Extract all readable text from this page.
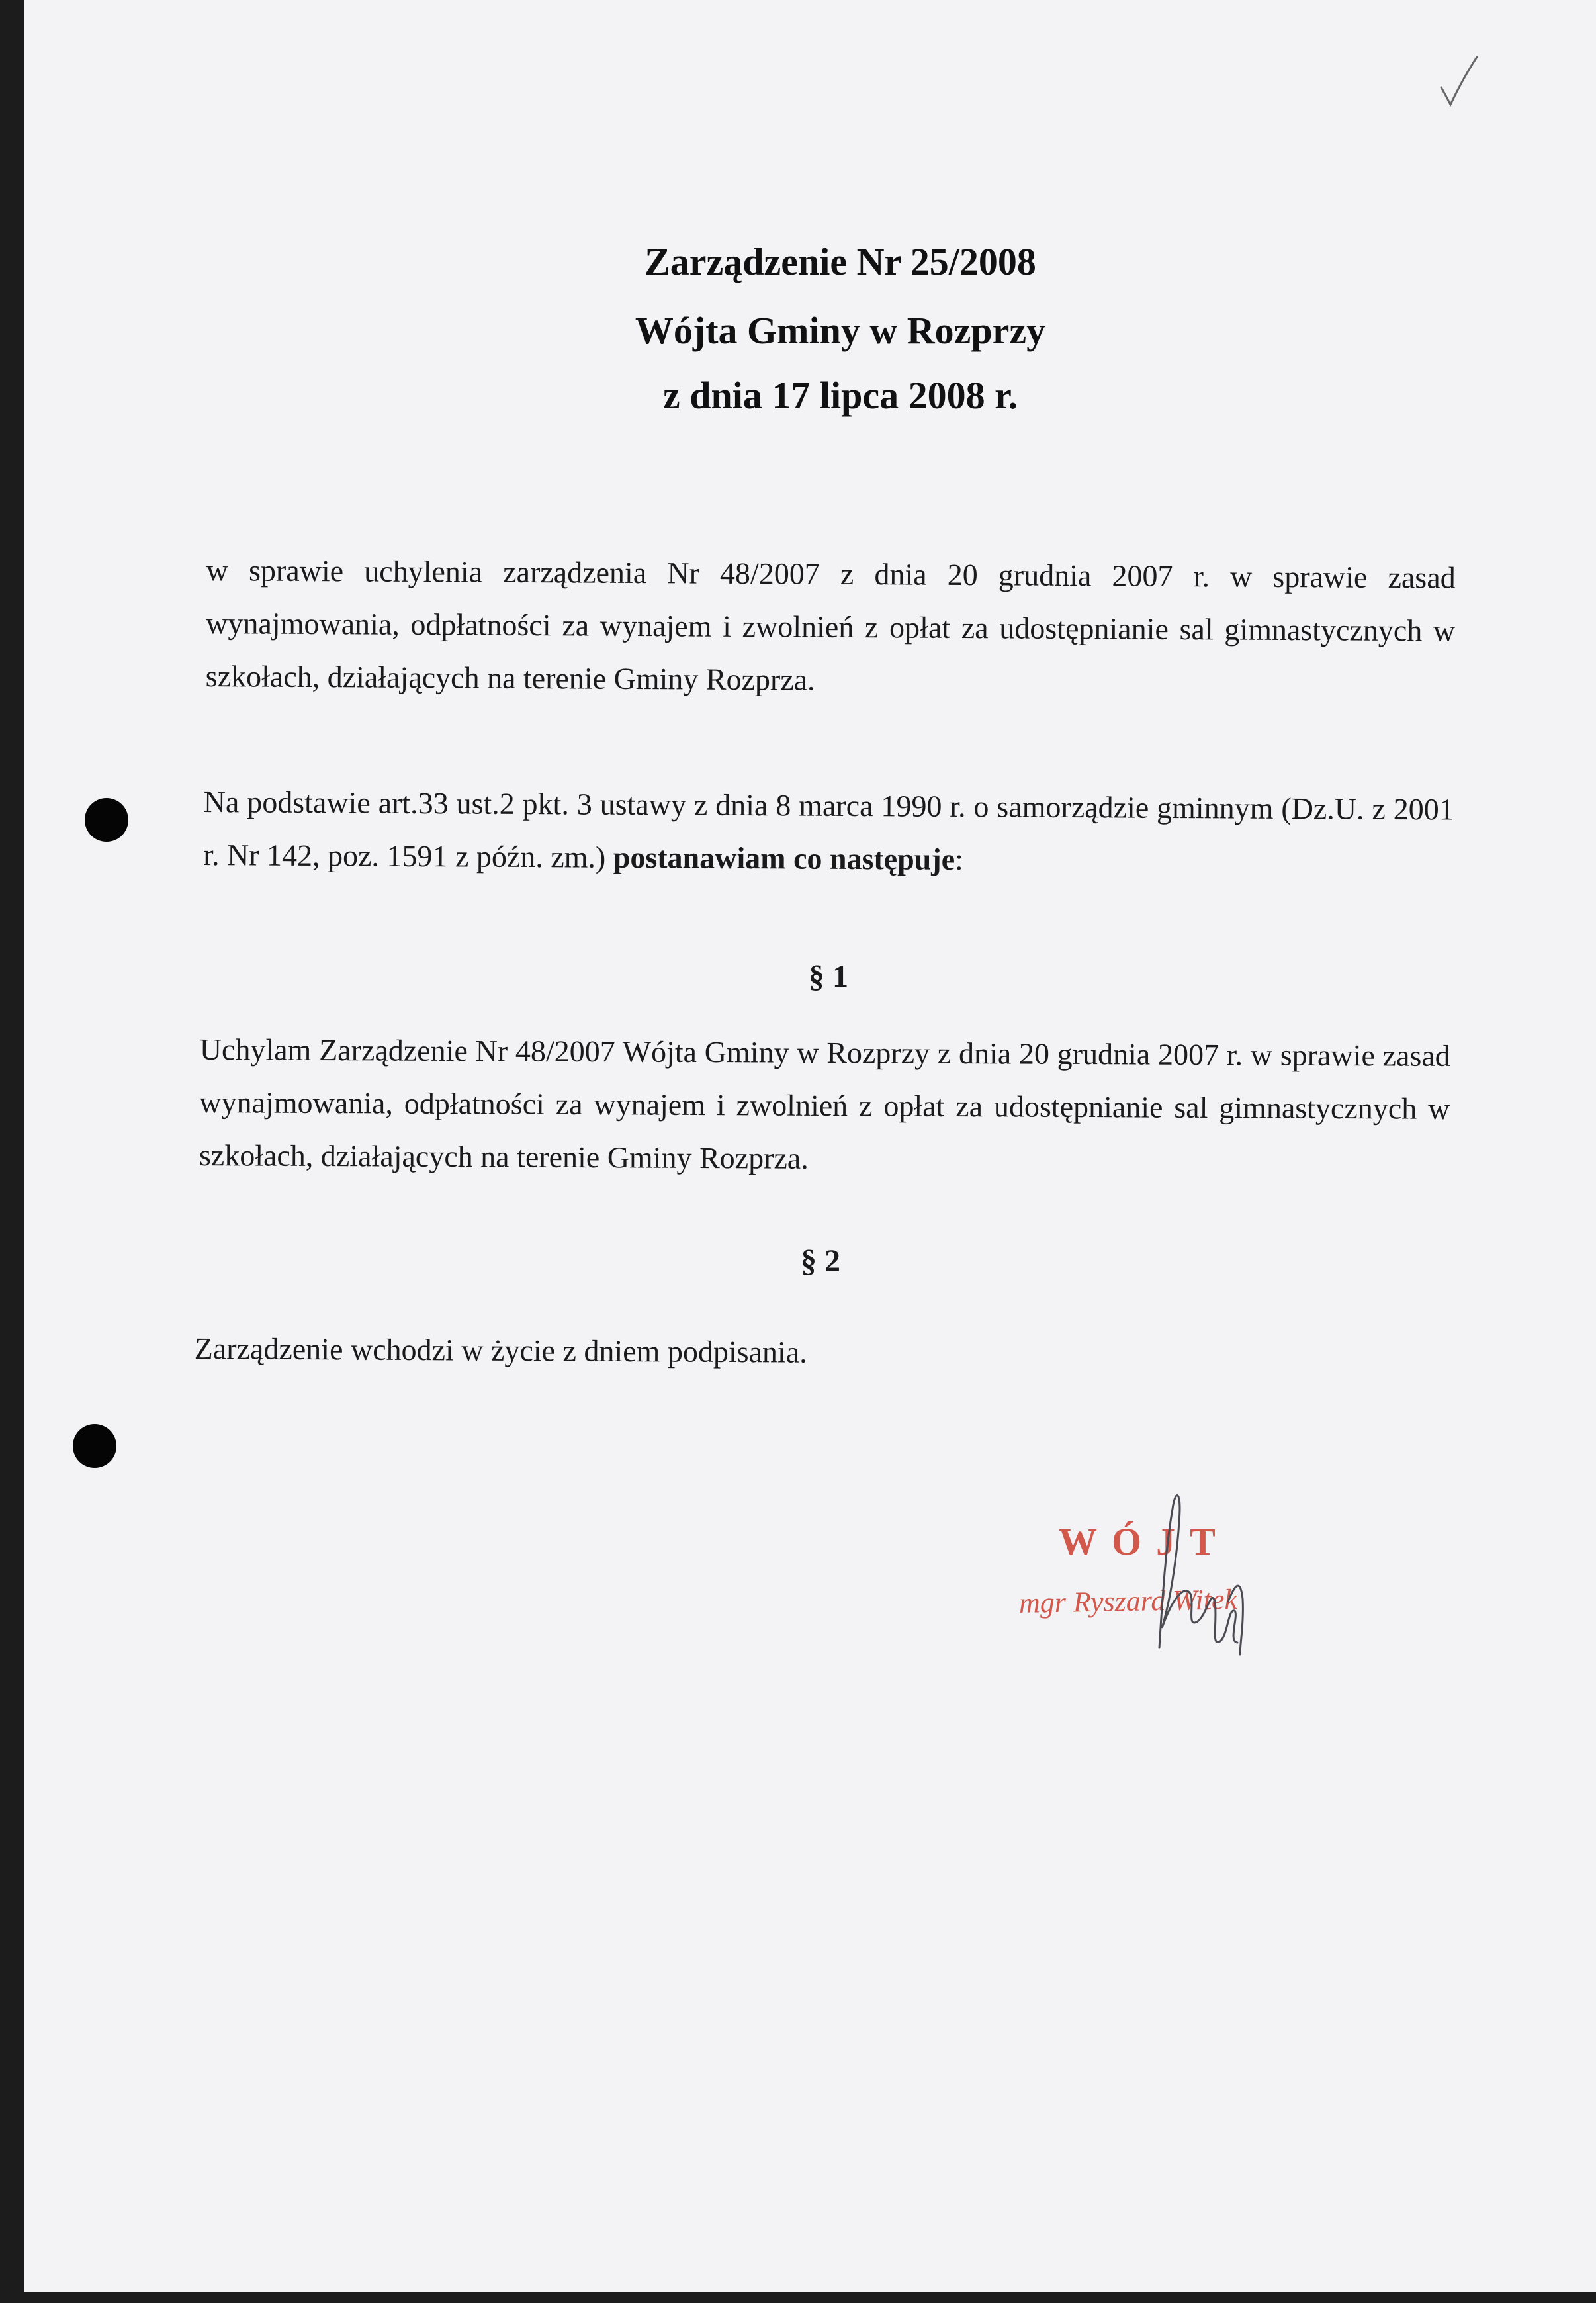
Zarządzenie Nr 25/2008
Wójta Gminy w Rozprzy
z dnia 17 lipca 2008 r.
w sprawie uchylenia zarządzenia Nr 48/2007 z dnia 20 grudnia 2007 r. w sprawie zasad wynajmowania, odpłatności za wynajem i zwolnień z opłat za udostępnianie sal gimnastycznych w szkołach, działających na terenie Gminy Rozprza.
Na podstawie art.33 ust.2 pkt. 3 ustawy z dnia 8 marca 1990 r. o samorządzie gminnym (Dz.U. z 2001 r. Nr 142, poz. 1591 z późn. zm.) postanawiam co następuje:
§ 1
Uchylam Zarządzenie Nr 48/2007 Wójta Gminy w Rozprzy z dnia 20 grudnia 2007 r. w sprawie zasad wynajmowania, odpłatności za wynajem i zwolnień z opłat za udostępnianie sal gimnastycznych w szkołach, działających na terenie Gminy Rozprza.
§ 2
Zarządzenie wchodzi w życie z dniem podpisania.
WÓJT
mgr Ryszard Witek
